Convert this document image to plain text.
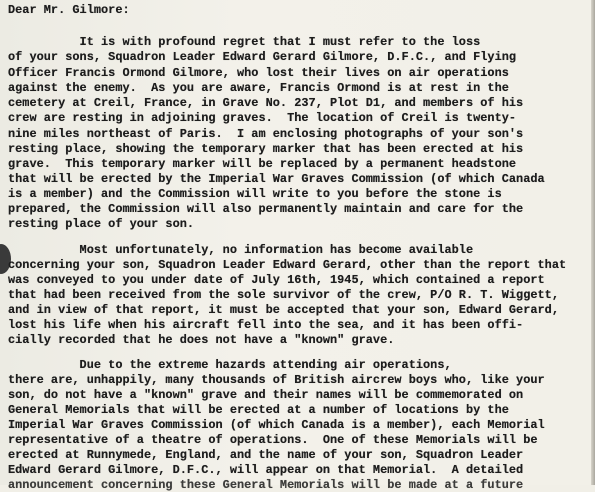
Dear Mr. Gilmore:
It is with profound regret that I must refer to the loss
of your sons, Squadron Leader Edward Gerard Gilmore, D.F.C., and Flying
Officer Francis Ormond Gilmore, who lost their lives on air operations
against the enemy.  As you are aware, Francis Ormond is at rest in the
cemetery at Creil, France, in Grave No. 237, Plot D1, and members of his
crew are resting in adjoining graves.  The location of Creil is twenty-
nine miles northeast of Paris.  I am enclosing photographs of your son's
resting place, showing the temporary marker that has been erected at his
grave.  This temporary marker will be replaced by a permanent headstone
that will be erected by the Imperial War Graves Commission (of which Canada
is a member) and the Commission will write to you before the stone is
prepared, the Commission will also permanently maintain and care for the
resting place of your son.
Most unfortunately, no information has become available
concerning your son, Squadron Leader Edward Gerard, other than the report that
was conveyed to you under date of July 16th, 1945, which contained a report
that had been received from the sole survivor of the crew, P/O R. T. Wiggett,
and in view of that report, it must be accepted that your son, Edward Gerard,
lost his life when his aircraft fell into the sea, and it has been offi-
cially recorded that he does not have a "known" grave.
Due to the extreme hazards attending air operations,
there are, unhappily, many thousands of British aircrew boys who, like your
son, do not have a "known" grave and their names will be commemorated on
General Memorials that will be erected at a number of locations by the
Imperial War Graves Commission (of which Canada is a member), each Memorial
representative of a theatre of operations.  One of these Memorials will be
erected at Runnymede, England, and the name of your son, Squadron Leader
Edward Gerard Gilmore, D.F.C., will appear on that Memorial.  A detailed
announcement concerning these General Memorials will be made at a future
